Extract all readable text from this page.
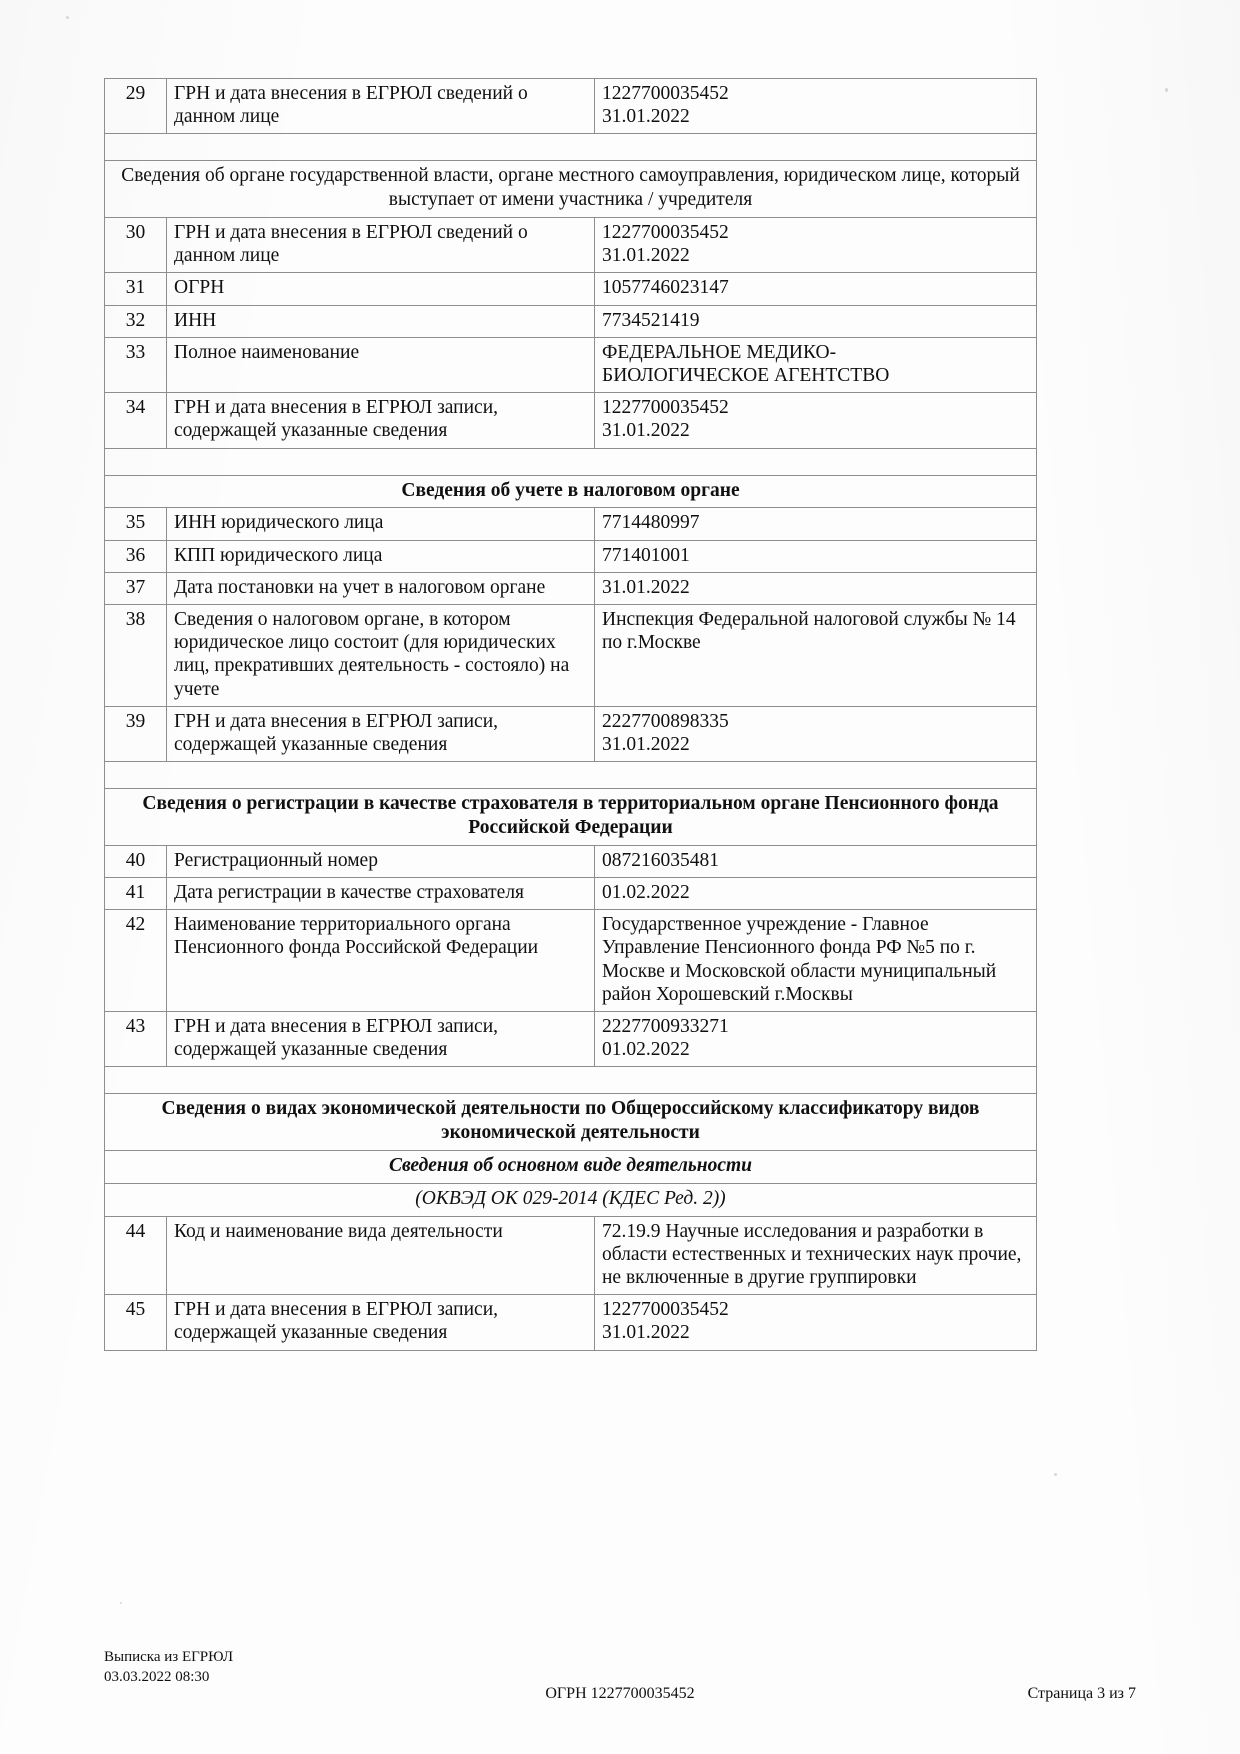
29	ГРН и дата внесения в ЕГРЮЛ сведений о данном лице	1227700035452
31.01.2022

Сведения об органе государственной власти, органе местного самоуправления, юридическом лице, который выступает от имени участника / учредителя		
30	ГРН и дата внесения в ЕГРЮЛ сведений о данном лице	1227700035452
31.01.2022
31	ОГРН	1057746023147
32	ИНН	7734521419
33	Полное наименование	ФЕДЕРАЛЬНОЕ МЕДИКО-
БИОЛОГИЧЕСКОЕ АГЕНТСТВО
34	ГРН и дата внесения в ЕГРЮЛ записи, содержащей указанные сведения	1227700035452
31.01.2022

Сведения об учете в налоговом органе		
35	ИНН юридического лица	7714480997
36	КПП юридического лица	771401001
37	Дата постановки на учет в налоговом органе	31.01.2022
38	Сведения о налоговом органе, в котором юридическое лицо состоит (для юридических лиц, прекративших деятельность - состояло) на учете	Инспекция Федеральной налоговой службы № 14 по г.Москве
39	ГРН и дата внесения в ЕГРЮЛ записи, содержащей указанные сведения	2227700898335
31.01.2022

Сведения о регистрации в качестве страхователя в территориальном органе Пенсионного фонда Российской Федерации		
40	Регистрационный номер	087216035481
41	Дата регистрации в качестве страхователя	01.02.2022
42	Наименование территориального органа Пенсионного фонда Российской Федерации	Государственное учреждение - Главное Управление Пенсионного фонда РФ №5 по г. Москве и Московской области муниципальный район Хорошевский г.Москвы
43	ГРН и дата внесения в ЕГРЮЛ записи, содержащей указанные сведения	2227700933271
01.02.2022

Сведения о видах экономической деятельности по Общероссийскому классификатору видов экономической деятельности		
Сведения об основном виде деятельности		
(ОКВЭД ОК 029-2014 (КДЕС Ред. 2))		
44	Код и наименование вида деятельности	72.19.9 Научные исследования и разработки в области естественных и технических наук прочие, не включенные в другие группировки
45	ГРН и дата внесения в ЕГРЮЛ записи, содержащей указанные сведения	1227700035452
31.01.2022
Выписка из ЕГРЮЛ
03.03.2022 08:30
ОГРН 1227700035452	Страница 3 из 7
